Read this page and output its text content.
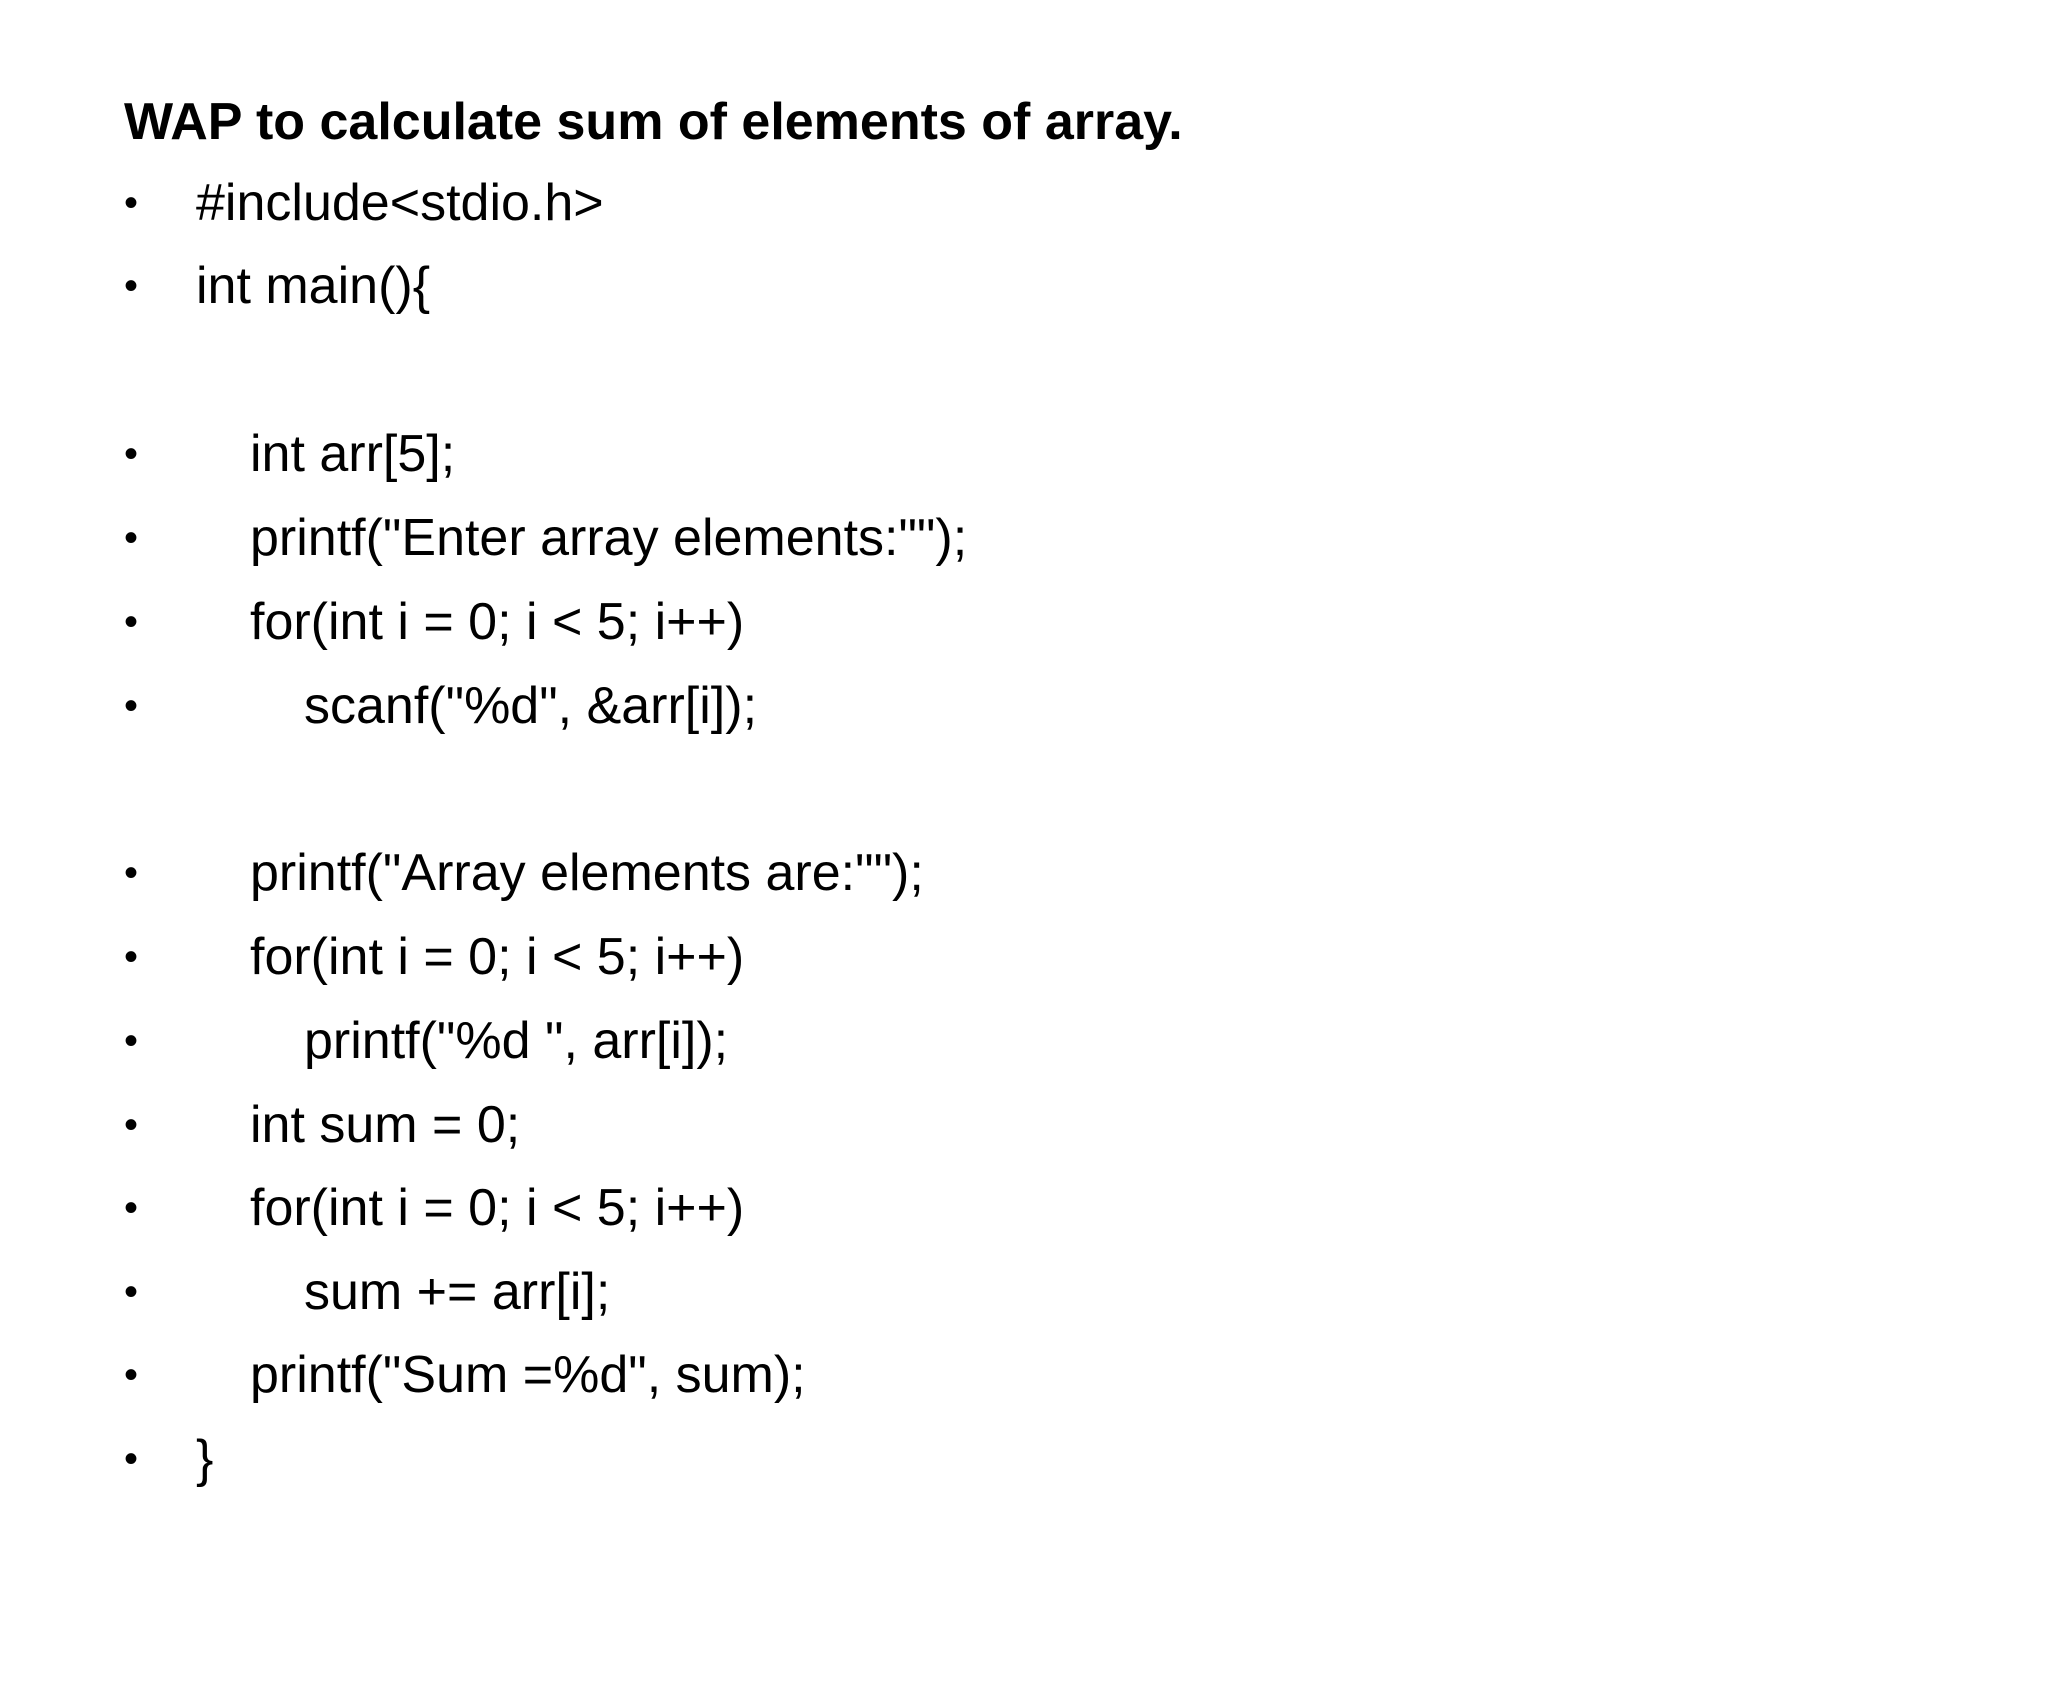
WAP to calculate sum of elements of array.

•

	#include<stdio.h>

•

	int main(){

•

	int arr[5];

•

	printf("Enter array elements:"");

•

	for(int i = 0; i < 5; i++)

•

	scanf("%d", &arr[i]);

•

	printf("Array elements are:"");

•

	for(int i = 0; i < 5; i++)

•

	printf("%d ", arr[i]);

•

	int sum = 0;

•

	for(int i = 0; i < 5; i++)

•

	sum += arr[i];

•

	printf("Sum =%d", sum);

•

	}
